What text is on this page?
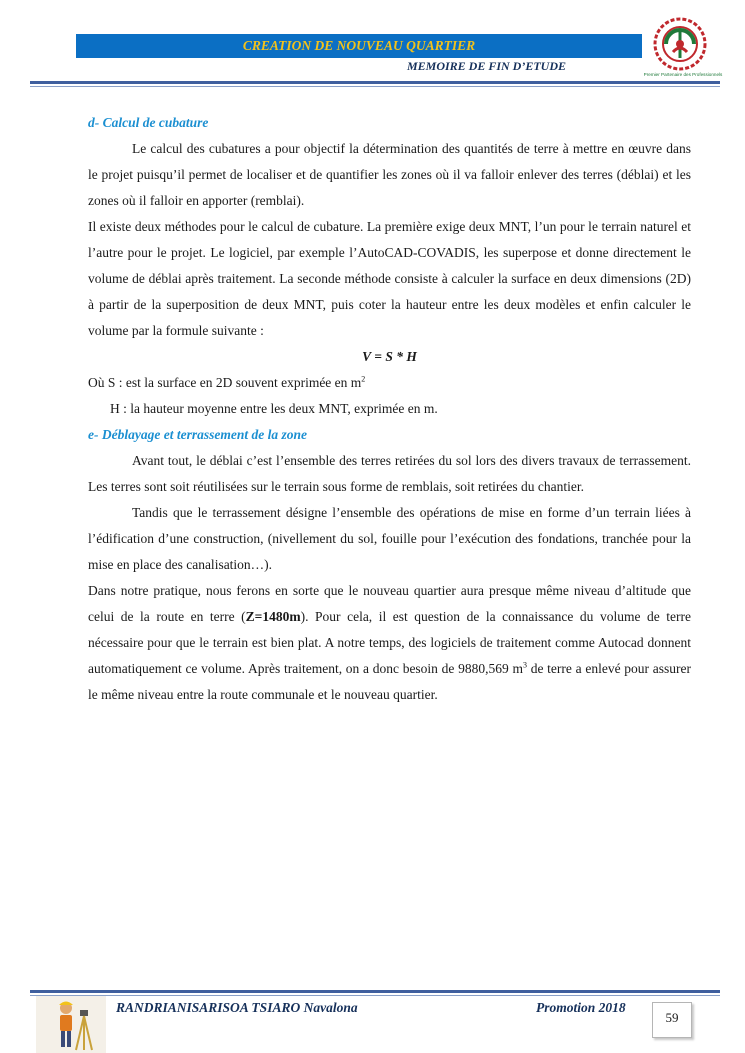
CREATION DE NOUVEAU QUARTIER
MEMOIRE DE FIN D’ETUDE
Premier Partenaire des Professionnels
d- Calcul de cubature

Le calcul des cubatures a pour objectif la détermination des quantités de terre à mettre en œuvre dans le projet puisqu’il permet de localiser et de quantifier les zones où il va falloir enlever des terres (déblai) et les zones où il falloir en apporter (remblai).

Il existe deux méthodes pour le calcul de cubature. La première exige deux MNT, l’un pour le terrain naturel et l’autre pour le projet. Le logiciel, par exemple l’AutoCAD-COVADIS, les superpose et donne directement le volume de déblai après traitement. La seconde méthode consiste à calculer la surface en deux dimensions (2D) à partir de la superposition de deux MNT, puis coter la hauteur entre les deux modèles et enfin calculer le volume par la formule suivante :

V = S * H

Où S : est la surface en 2D souvent exprimée en $m^2$

H : la hauteur moyenne entre les deux MNT, exprimée en m.

e- Déblayage et terrassement de la zone

Avant tout, le déblai c’est l’ensemble des terres retirées du sol lors des divers travaux de terrassement. Les terres sont soit réutilisées sur le terrain sous forme de remblais, soit retirées du chantier.

Tandis que le terrassement désigne l’ensemble des opérations de mise en forme d’un terrain liées à l’édification d’une construction, (nivellement du sol, fouille pour l’exécution des fondations, tranchée pour la mise en place des canalisation…).

Dans notre pratique, nous ferons en sorte que le nouveau quartier aura presque même niveau d’altitude que celui de la route en terre (Z=1480m). Pour cela, il est question de la connaissance du volume de terre nécessaire pour que le terrain est bien plat. A notre temps, des logiciels de traitement comme Autocad donnent automatiquement ce volume. Après traitement, on a donc besoin de 9880,569 $m^3$ de terre a enlevé pour assurer le même niveau entre la route communale et le nouveau quartier.

RANDRIANISARISOA TSIARO Navalona	Promotion 2018
59
